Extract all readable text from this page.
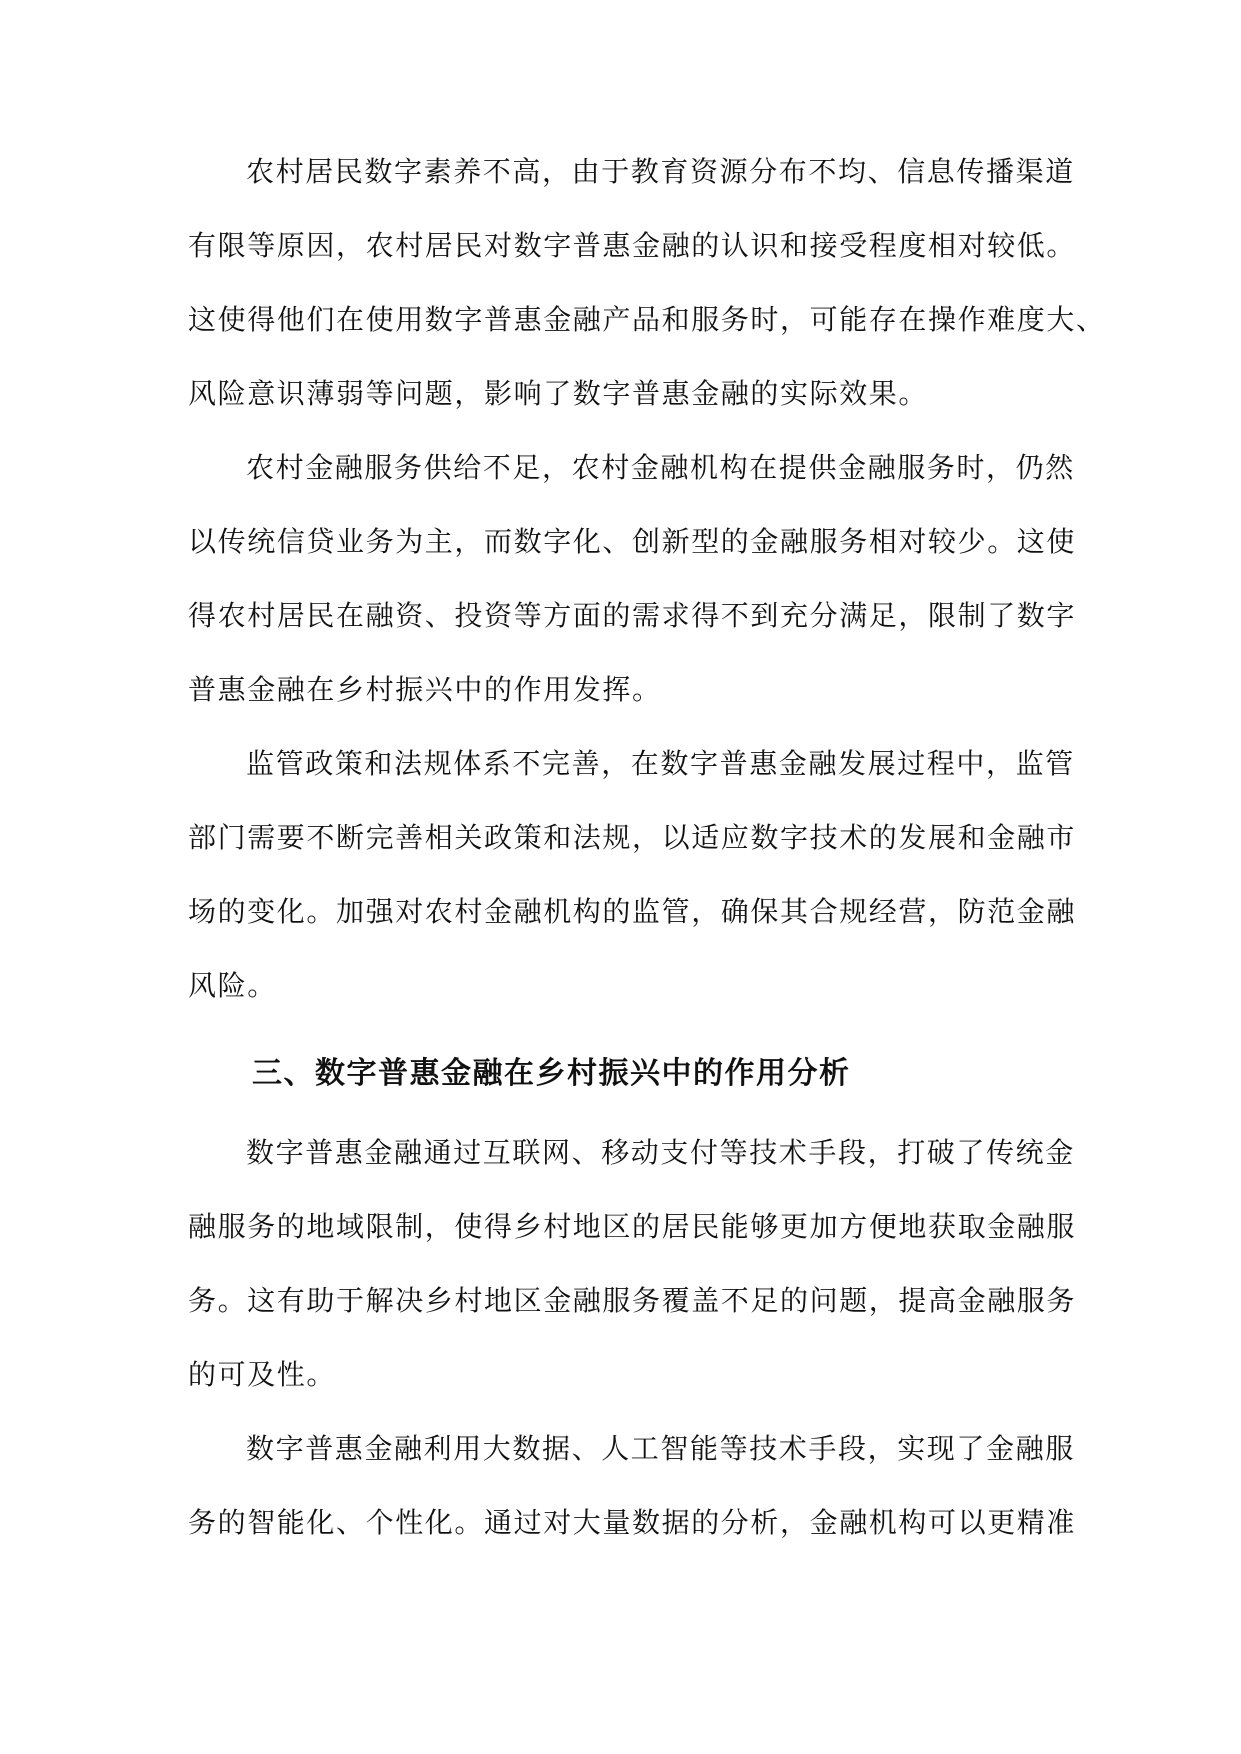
农村居民数字素养不高，由于教育资源分布不均、信息传播渠道
有限等原因，农村居民对数字普惠金融的认识和接受程度相对较低。
这使得他们在使用数字普惠金融产品和服务时，可能存在操作难度大、
风险意识薄弱等问题，影响了数字普惠金融的实际效果。
农村金融服务供给不足，农村金融机构在提供金融服务时，仍然
以传统信贷业务为主，而数字化、创新型的金融服务相对较少。这使
得农村居民在融资、投资等方面的需求得不到充分满足，限制了数字
普惠金融在乡村振兴中的作用发挥。
监管政策和法规体系不完善，在数字普惠金融发展过程中，监管
部门需要不断完善相关政策和法规，以适应数字技术的发展和金融市
场的变化。加强对农村金融机构的监管，确保其合规经营，防范金融
风险。
三、数字普惠金融在乡村振兴中的作用分析
数字普惠金融通过互联网、移动支付等技术手段，打破了传统金
融服务的地域限制，使得乡村地区的居民能够更加方便地获取金融服
务。这有助于解决乡村地区金融服务覆盖不足的问题，提高金融服务
的可及性。
数字普惠金融利用大数据、人工智能等技术手段，实现了金融服
务的智能化、个性化。通过对大量数据的分析，金融机构可以更精准
